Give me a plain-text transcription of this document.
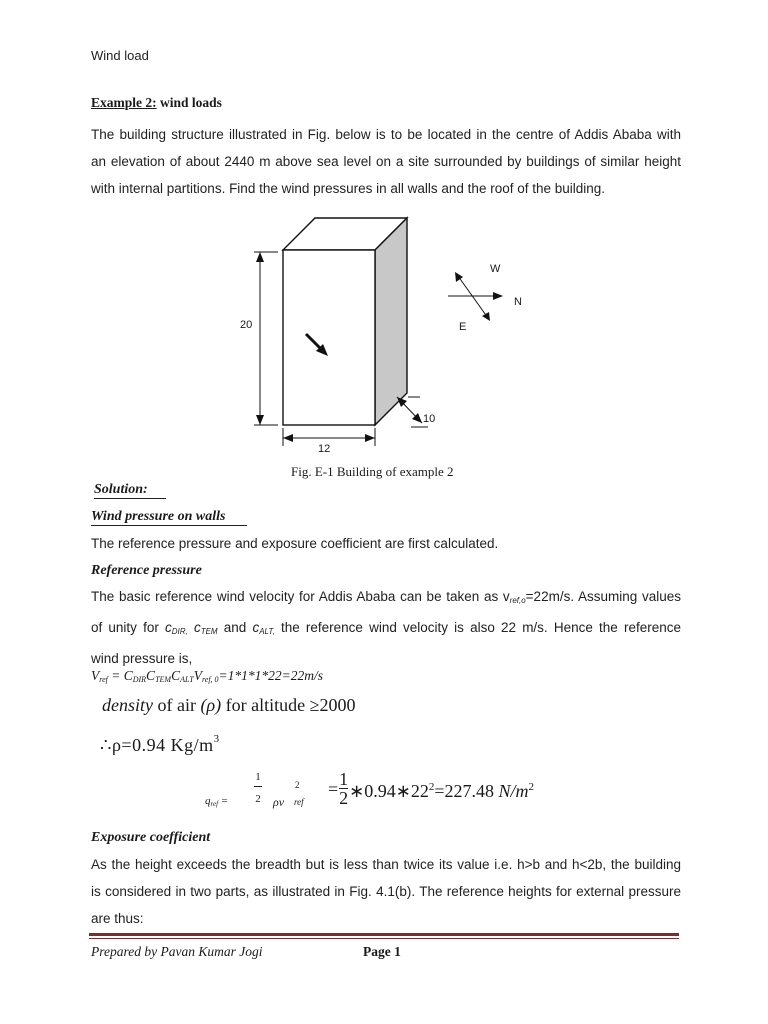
Wind load
Example 2: wind loads
The building structure illustrated in Fig. below is to be located in the centre of Addis Ababa with
an elevation of about 2440 m above sea level on a site surrounded by buildings of similar height
with internal partitions. Find the wind pressures in all walls and the roof of the building.
20
12
10
W
N
E
Fig. E-1 Building of example 2
Solution:
Wind pressure on walls
The reference pressure and exposure coefficient are first calculated.
Reference pressure
The basic reference wind velocity for Addis Ababa can be taken as $v_{ref,o}=22m/s$. Assuming values
of unity for $c_{DIR,}$ $c_{TEM}$ and $c_{ALT,}$ the reference wind velocity is also 22 m/s. Hence the reference
wind pressure is,
$V_{ref} = C_{DIR}C_{TEM}C_{ALT}V_{ref, 0}=1*1*1*22=22m/s$
density of air (ρ) for altitude ≥2000
∴ρ=0.94 $Kg/m^3$
$q_{ref}$ =
1
2 ρv
2
ref
= $\frac{1}{2}$ $∗0.94∗22^2=227.48$ $N/m^2$
Exposure coefficient
As the height exceeds the breadth but is less than twice its value i.e. h>b and h<2b, the building
is considered in two parts, as illustrated in Fig. 4.1(b). The reference heights for external pressure
are thus:
Prepared by Pavan Kumar Jogi	Page 1
